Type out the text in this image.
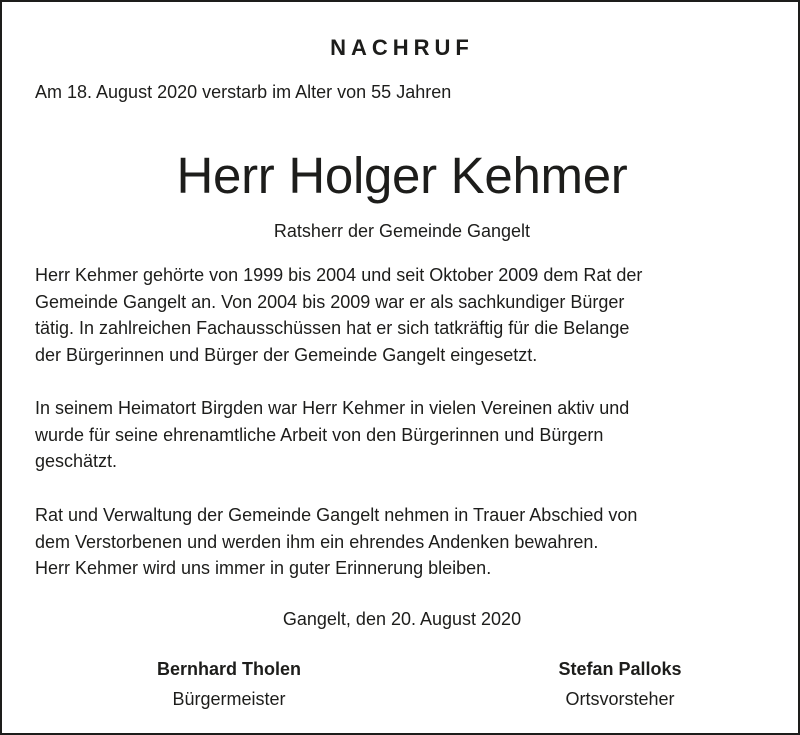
NACHRUF
Am 18. August 2020 verstarb im Alter von 55 Jahren
Herr Holger Kehmer
Ratsherr der Gemeinde Gangelt

Herr Kehmer gehörte von 1999 bis 2004 und seit Oktober 2009 dem Rat der
Gemeinde Gangelt an. Von 2004 bis 2009 war er als sachkundiger Bürger
tätig. In zahlreichen Fachausschüssen hat er sich tatkräftig für die Belange
der Bürgerinnen und Bürger der Gemeinde Gangelt eingesetzt.

In seinem Heimatort Birgden war Herr Kehmer in vielen Vereinen aktiv und
wurde für seine ehrenamtliche Arbeit von den Bürgerinnen und Bürgern
geschätzt.

Rat und Verwaltung der Gemeinde Gangelt nehmen in Trauer Abschied von
dem Verstorbenen und werden ihm ein ehrendes Andenken bewahren.
Herr Kehmer wird uns immer in guter Erinnerung bleiben.

Gangelt, den 20. August 2020
Bernhard Tholen
Bürgermeister
Stefan Palloks
Ortsvorsteher
